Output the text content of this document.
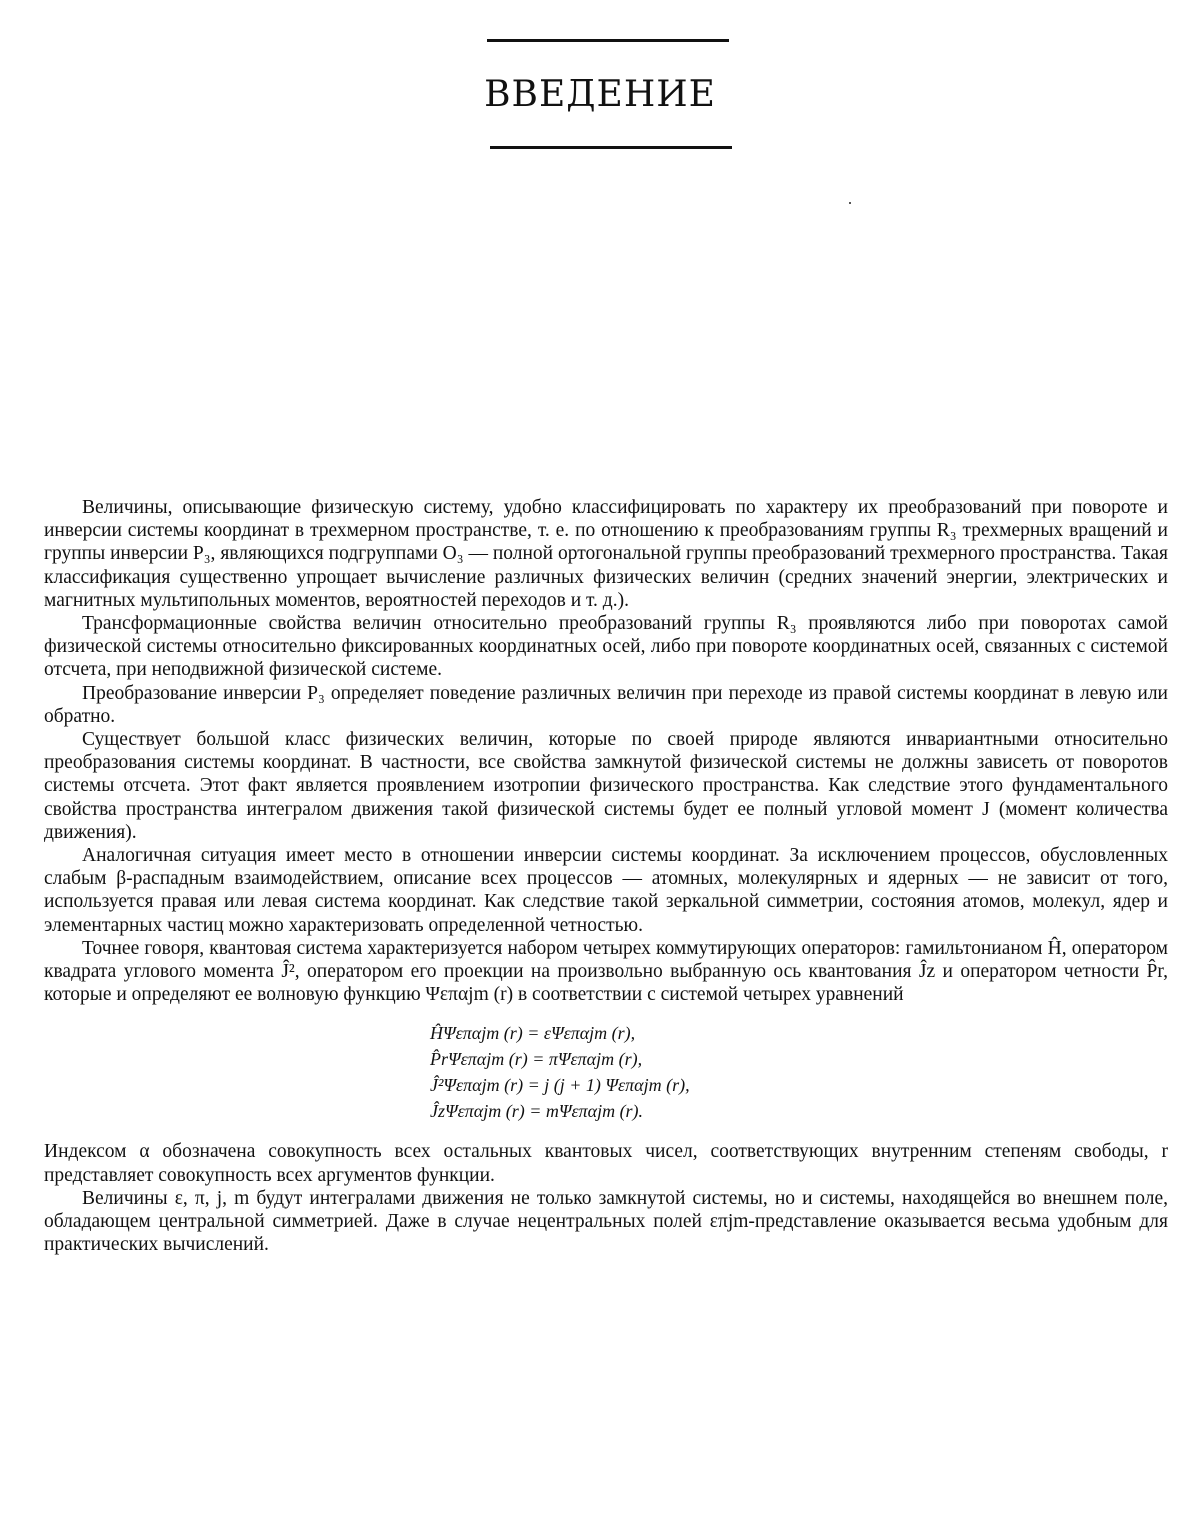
ВВЕДЕНИЕ

Величины, описывающие физическую систему, удобно классифицировать по характеру их преобразований при повороте и инверсии системы координат в трехмерном пространстве, т. е. по отношению к преобразованиям группы R₃ трехмерных вращений и группы инверсии P₃, являющихся подгруппами O₃ — полной ортогональной группы преобразований трехмерного пространства. Такая классификация существенно упрощает вычисление различных физических величин (средних значений энергии, электрических и магнитных мультипольных моментов, вероятностей переходов и т. д.).

Трансформационные свойства величин относительно преобразований группы R₃ проявляются либо при поворотах самой физической системы относительно фиксированных координатных осей, либо при повороте координатных осей, связанных с системой отсчета, при неподвижной физической системе.

Преобразование инверсии P₃ определяет поведение различных величин при переходе из правой системы координат в левую или обратно.

Существует большой класс физических величин, которые по своей природе являются инвариантными относительно преобразования системы координат. В частности, все свойства замкнутой физической системы не должны зависеть от поворотов системы отсчета. Этот факт является проявлением изотропии физического пространства. Как следствие этого фундаментального свойства пространства интегралом движения такой физической системы будет ее полный угловой момент J (момент количества движения).

Аналогичная ситуация имеет место в отношении инверсии системы координат. За исключением процессов, обусловленных слабым β-распадным взаимодействием, описание всех процессов — атомных, молекулярных и ядерных — не зависит от того, используется правая или левая система координат. Как следствие такой зеркальной симметрии, состояния атомов, молекул, ядер и элементарных частиц можно характеризовать определенной четностью.

Точнее говоря, квантовая система характеризуется набором четырех коммутирующих операторов: гамильтонианом Ĥ, оператором квадрата углового момента Ĵ², оператором его проекции на произвольно выбранную ось квантования Ĵz и оператором четности P̂r, которые и определяют ее волновую функцию Ψεπαjm (r) в соответствии с системой четырех уравнений

ĤΨεπαjm (r) = εΨεπαjm (r),
P̂rΨεπαjm (r) = πΨεπαjm (r),
Ĵ²Ψεπαjm (r) = j (j + 1) Ψεπαjm (r),
ĴzΨεπαjm (r) = mΨεπαjm (r).

Индексом α обозначена совокупность всех остальных квантовых чисел, соответствующих внутренним степеням свободы, r представляет совокупность всех аргументов функции.

Величины ε, π, j, m будут интегралами движения не только замкнутой системы, но и системы, находящейся во внешнем поле, обладающем центральной симметрией. Даже в случае нецентральных полей επjm-представление оказывается весьма удобным для практических вычислений.
